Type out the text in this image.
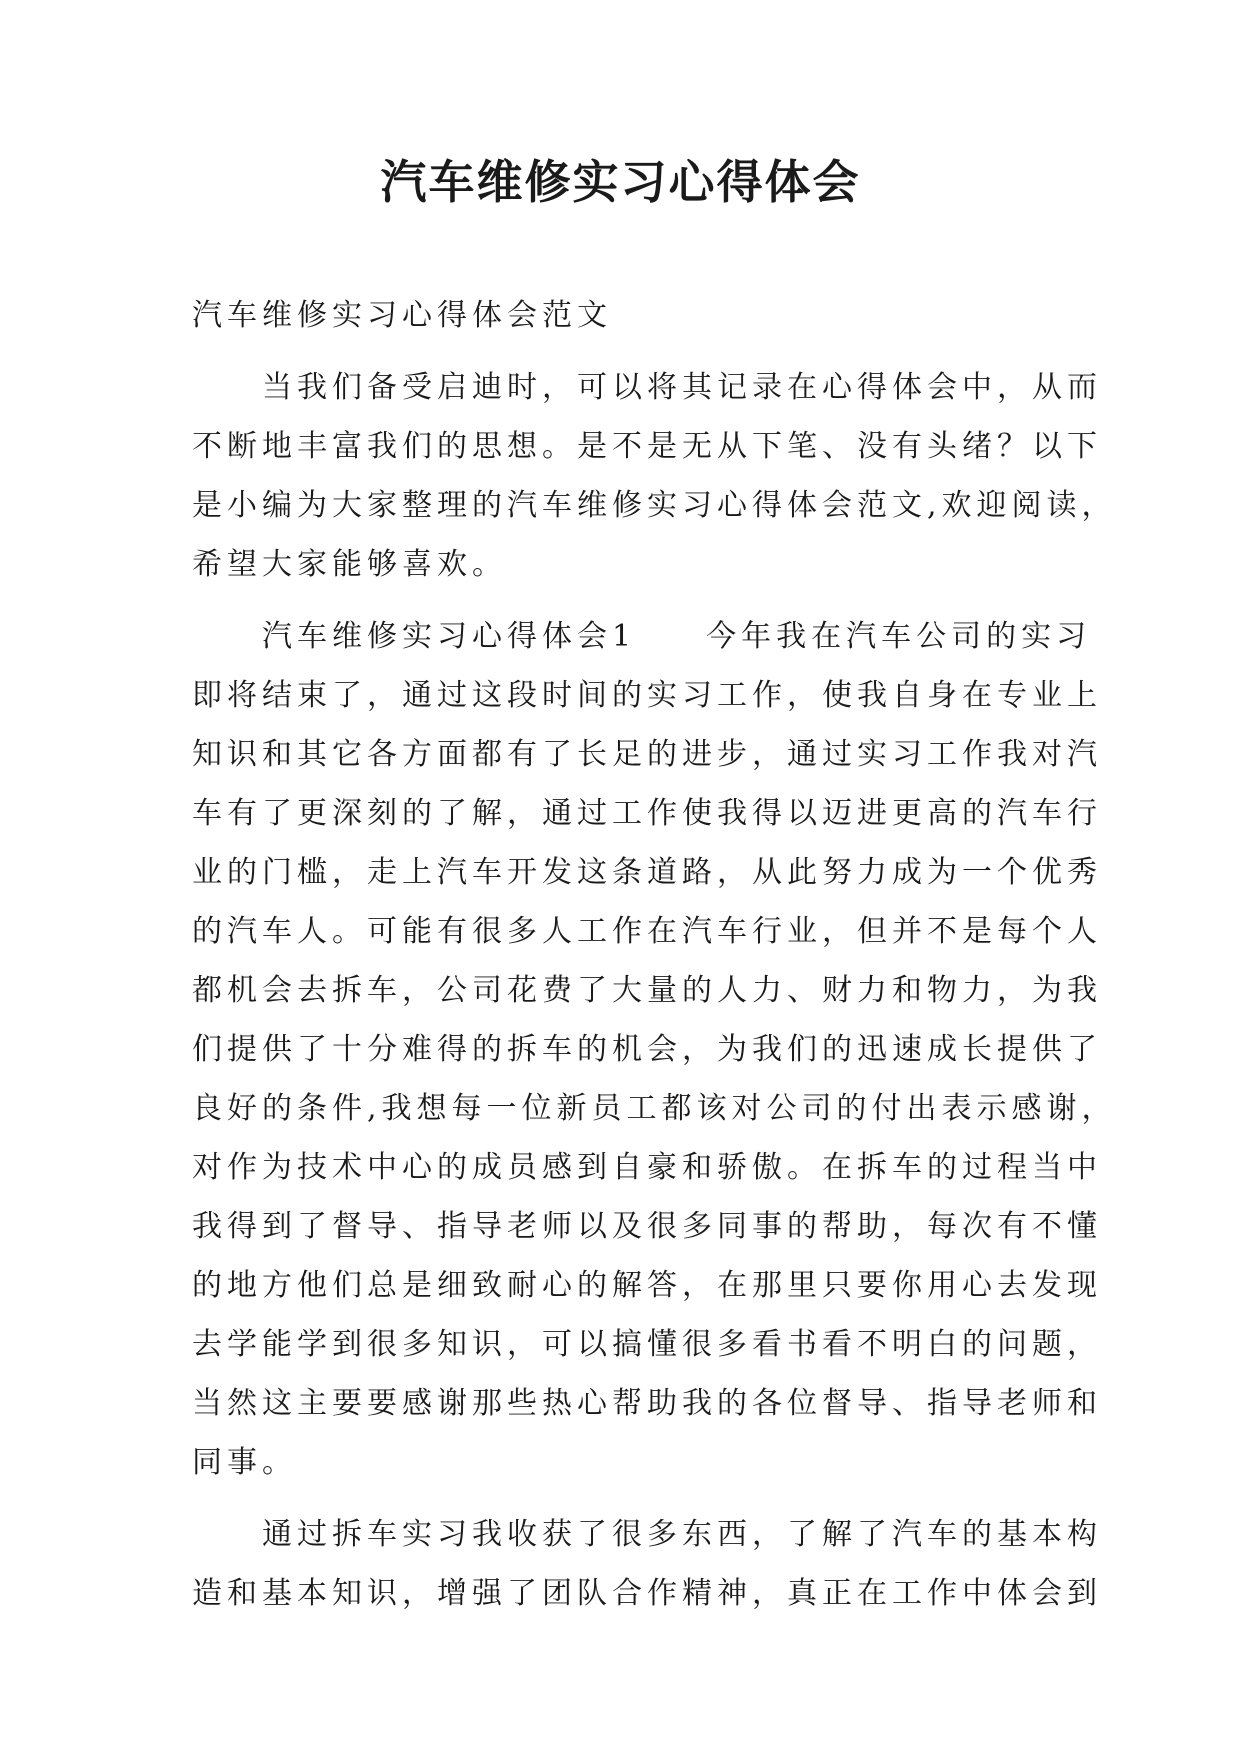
汽车维修实习心得体会
汽车维修实习心得体会范文
　　当我们备受启迪时，可以将其记录在心得体会中，从而
不断地丰富我们的思想。是不是无从下笔、没有头绪？以下
是小编为大家整理的汽车维修实习心得体会范文,欢迎阅读，
希望大家能够喜欢。
　　汽车维修实习心得体会1　　今年我在汽车公司的实习
即将结束了，通过这段时间的实习工作，使我自身在专业上
知识和其它各方面都有了长足的进步，通过实习工作我对汽
车有了更深刻的了解，通过工作使我得以迈进更高的汽车行
业的门槛，走上汽车开发这条道路，从此努力成为一个优秀
的汽车人。可能有很多人工作在汽车行业，但并不是每个人
都机会去拆车，公司花费了大量的人力、财力和物力，为我
们提供了十分难得的拆车的机会，为我们的迅速成长提供了
良好的条件,我想每一位新员工都该对公司的付出表示感谢，
对作为技术中心的成员感到自豪和骄傲。在拆车的过程当中
我得到了督导、指导老师以及很多同事的帮助，每次有不懂
的地方他们总是细致耐心的解答，在那里只要你用心去发现
去学能学到很多知识，可以搞懂很多看书看不明白的问题，
当然这主要要感谢那些热心帮助我的各位督导、指导老师和
同事。
　　通过拆车实习我收获了很多东西，了解了汽车的基本构
造和基本知识，增强了团队合作精神，真正在工作中体会到
